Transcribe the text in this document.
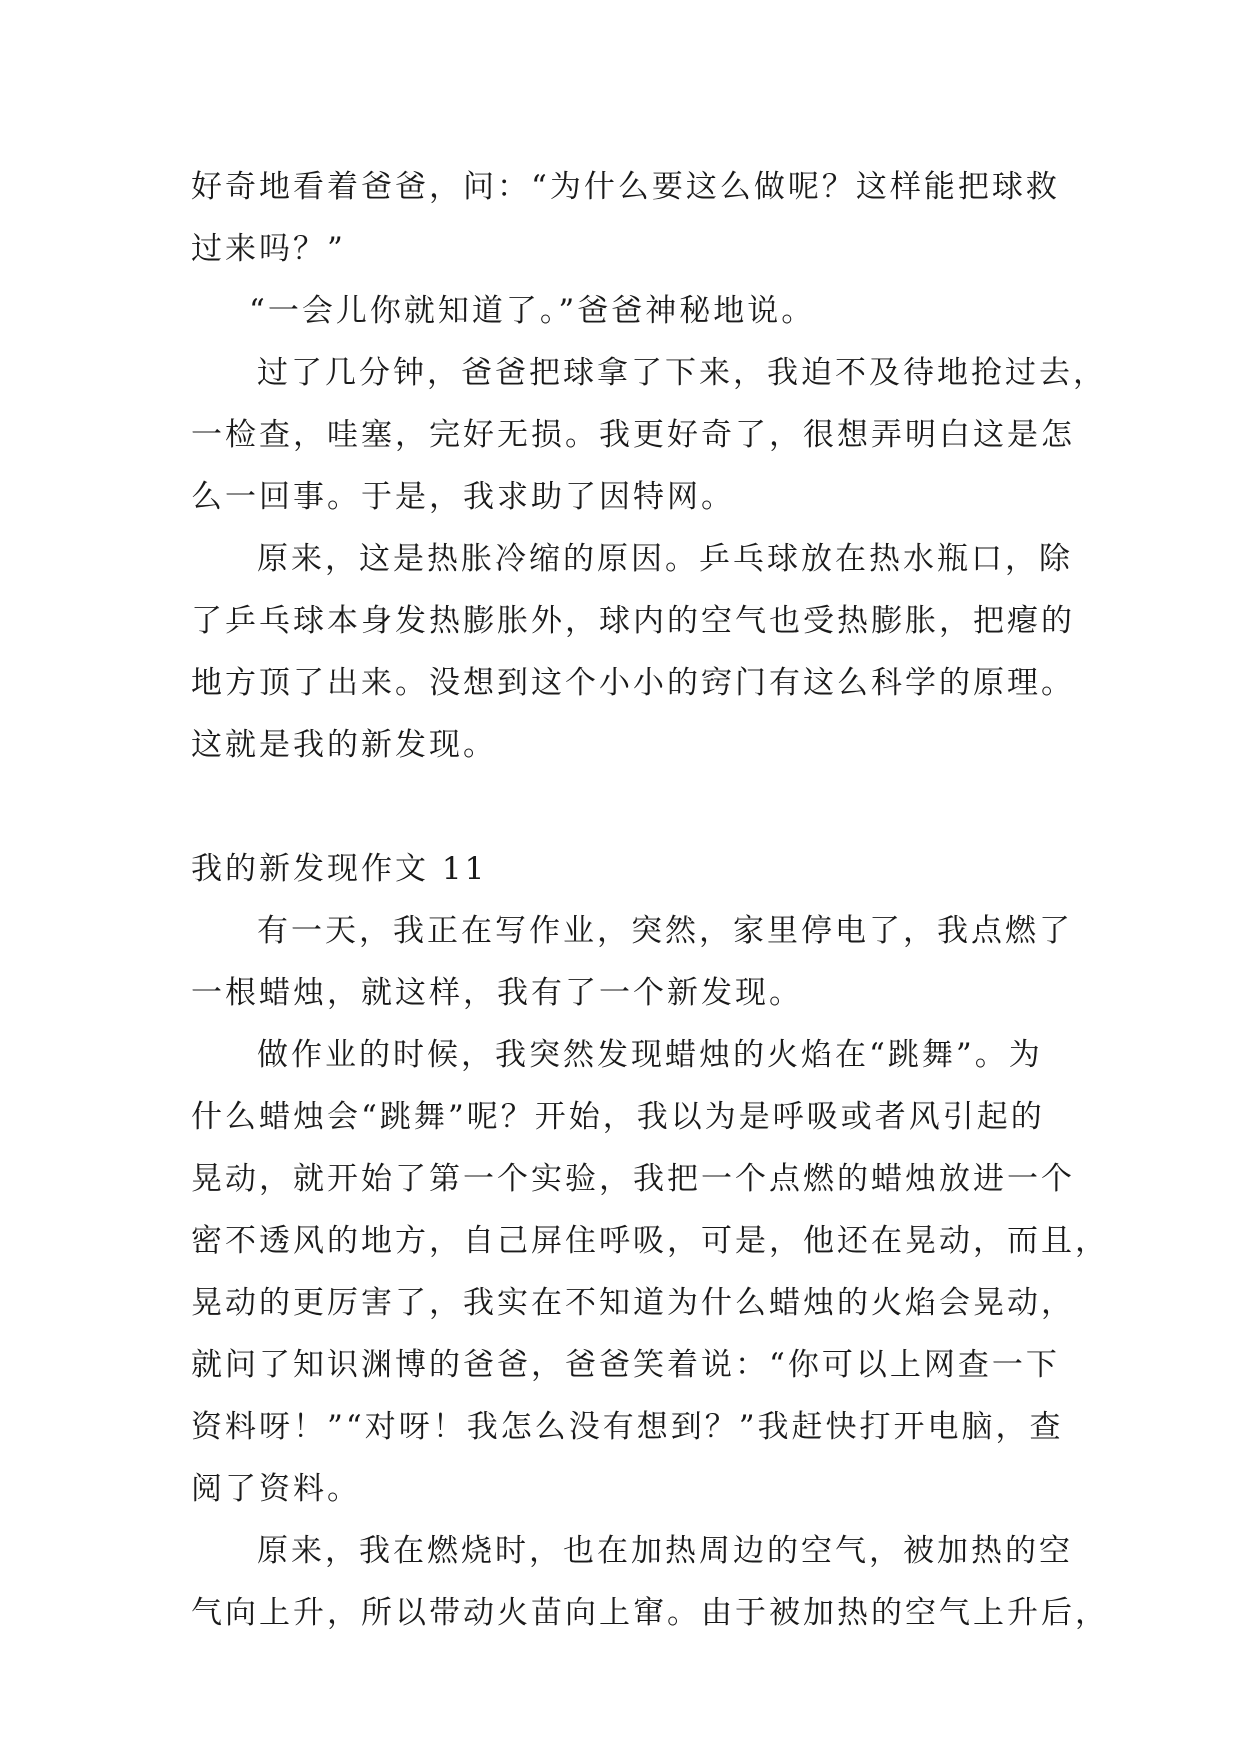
好奇地看着爸爸，问：“为什么要这么做呢？这样能把球救
过来吗？”
“一会儿你就知道了。”爸爸神秘地说。
过了几分钟，爸爸把球拿了下来，我迫不及待地抢过去，
一检查，哇塞，完好无损。我更好奇了，很想弄明白这是怎
么一回事。于是，我求助了因特网。
原来，这是热胀冷缩的原因。乒乓球放在热水瓶口，除
了乒乓球本身发热膨胀外，球内的空气也受热膨胀，把瘪的
地方顶了出来。没想到这个小小的窍门有这么科学的原理。
这就是我的新发现。
我的新发现作文 11
有一天，我正在写作业，突然，家里停电了，我点燃了
一根蜡烛，就这样，我有了一个新发现。
做作业的时候，我突然发现蜡烛的火焰在“跳舞”。为
什么蜡烛会“跳舞”呢？开始，我以为是呼吸或者风引起的
晃动，就开始了第一个实验，我把一个点燃的蜡烛放进一个
密不透风的地方，自己屏住呼吸，可是，他还在晃动，而且，
晃动的更厉害了，我实在不知道为什么蜡烛的火焰会晃动，
就问了知识渊博的爸爸，爸爸笑着说：“你可以上网查一下
资料呀！”“对呀！我怎么没有想到？”我赶快打开电脑，查
阅了资料。
原来，我在燃烧时，也在加热周边的空气，被加热的空
气向上升，所以带动火苗向上窜。由于被加热的空气上升后，
